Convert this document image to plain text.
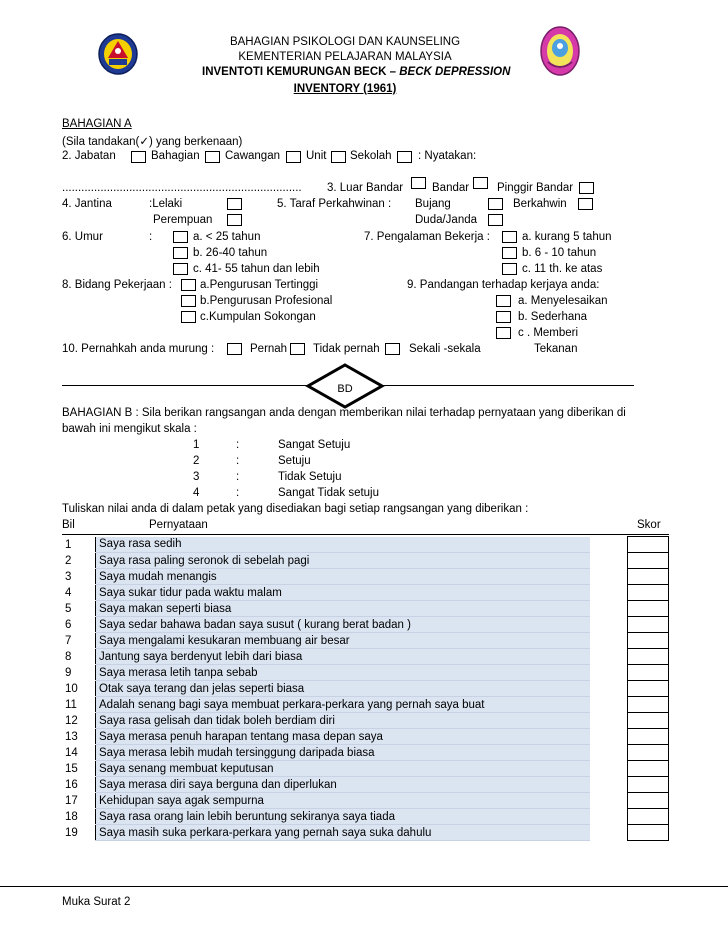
BAHAGIAN PSIKOLOGI DAN KAUNSELING
KEMENTERIAN PELAJARAN MALAYSIA
INVENTOTI KEMURUNGAN BECK – BECK DEPRESSION
INVENTORY (1961)
BAHAGIAN A
(Sila tandakan(✓) yang berkenaan)
2. Jabatan	Bahagian Cawangan Unit Sekolah : Nyatakan:
...........................................................................	3. Luar Bandar	Bandar Pinggir Bandar
4. Jantina	:Lelaki
Perempuan
5. Taraf Perkahwinan : Bujang	Berkahwin
Duda/Janda
6. Umur	:	a. < 25 tahun
b. 26-40 tahun
c. 41- 55 tahun dan lebih
7. Pengalaman Bekerja :	a. kurang 5 tahun
b. 6 - 10 tahun
c. 11 th. ke atas
8. Bidang Pekerjaan : a.Pengurusan Tertinggi
b.Pengurusan Profesional
c.Kumpulan Sokongan
9. Pandangan terhadap kerjaya anda:
a. Menyelesaikan
b. Sederhana
c . Memberi
Tekanan
10. Pernahkah anda murung :	Pernah Tidak pernah	Sekali -sekala
BD
BAHAGIAN B : Sila berikan rangsangan anda dengan memberikan nilai terhadap pernyataan yang diberikan di
bawah ini mengikut skala :
1	:	Sangat Setuju
2	:	Setuju
3	:	Tidak Setuju
4	:	Sangat Tidak setuju
Tuliskan nilai anda di dalam petak yang disediakan bagi setiap rangsangan yang diberikan :
Bil	Pernyataan	Skor
1	Saya rasa sedih		
2	Saya rasa paling seronok di sebelah pagi		
3	Saya mudah menangis		
4	Saya sukar tidur pada waktu malam		
5	Saya makan seperti biasa		
6	Saya sedar bahawa badan saya susut ( kurang berat badan )		
7	Saya mengalami kesukaran membuang air besar		
8	Jantung saya berdenyut lebih dari biasa		
9	Saya merasa letih tanpa sebab		
10	Otak saya terang dan jelas seperti biasa		
11	Adalah senang bagi saya membuat perkara-perkara yang pernah saya buat		
12	Saya rasa gelisah dan tidak boleh berdiam diri		
13	Saya merasa penuh harapan tentang masa depan saya		
14	Saya merasa lebih mudah tersinggung daripada biasa		
15	Saya senang membuat keputusan		
16	Saya merasa diri saya berguna dan diperlukan		
17	Kehidupan saya agak sempurna		
18	Saya rasa orang lain lebih beruntung sekiranya saya tiada		
19	Saya masih suka perkara-perkara yang pernah saya suka dahulu		
Muka Surat 2
